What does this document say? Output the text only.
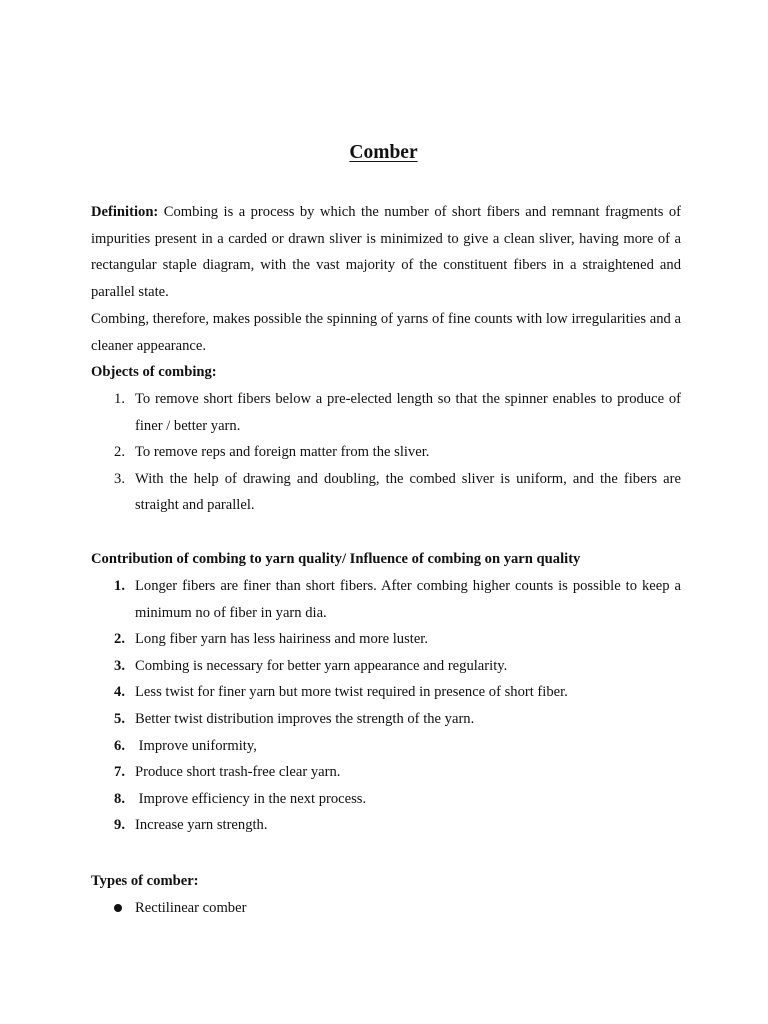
Comber
Definition: Combing is a process by which the number of short fibers and remnant fragments of impurities present in a carded or drawn sliver is minimized to give a clean sliver, having more of a rectangular staple diagram, with the vast majority of the constituent fibers in a straightened and parallel state.
Combing, therefore, makes possible the spinning of yarns of fine counts with low irregularities and a cleaner appearance.
Objects of combing:
1. To remove short fibers below a pre-elected length so that the spinner enables to produce of finer / better yarn.
2. To remove reps and foreign matter from the sliver.
3. With the help of drawing and doubling, the combed sliver is uniform, and the fibers are straight and parallel.
Contribution of combing to yarn quality/ Influence of combing on yarn quality
1. Longer fibers are finer than short fibers. After combing higher counts is possible to keep a minimum no of fiber in yarn dia.
2. Long fiber yarn has less hairiness and more luster.
3. Combing is necessary for better yarn appearance and regularity.
4. Less twist for finer yarn but more twist required in presence of short fiber.
5. Better twist distribution improves the strength of the yarn.
6. Improve uniformity,
7. Produce short trash-free clear yarn.
8. Improve efficiency in the next process.
9. Increase yarn strength.
Types of comber:
Rectilinear comber
